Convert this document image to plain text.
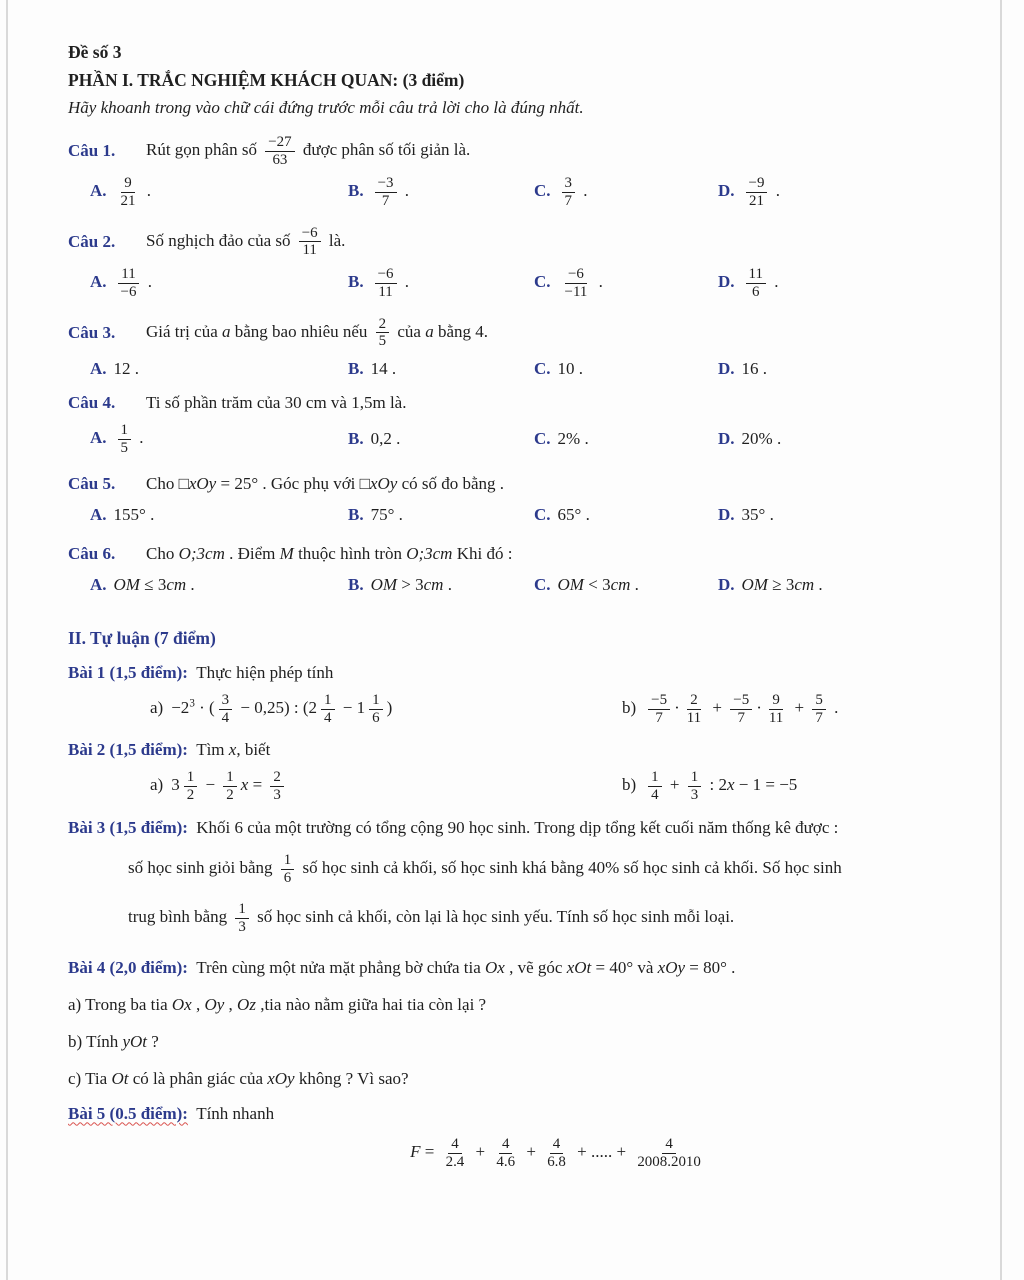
Đề số 3
PHẦN I. TRẮC NGHIỆM KHÁCH QUAN: (3 điểm)
Hãy khoanh trong vào chữ cái đứng trước mỗi câu trả lời cho là đúng nhất.
Câu 1.	Rút gọn phân số $\frac{-27}{63}$ được phân số tối giản là.
A. $\frac{9}{21}$ .	B. $\frac{-3}{7}$ .	C. $\frac{3}{7}$ .	D. $\frac{-9}{21}$ .
Câu 2.	Số nghịch đảo của số $\frac{-6}{11}$ là.
A. $\frac{11}{-6}$ .	B. $\frac{-6}{11}$ .	C. $\frac{-6}{-11}$ .	D. $\frac{11}{6}$ .
Câu 3.	Giá trị của a bằng bao nhiêu nếu $\frac{2}{5}$ của a bằng 4.
A. 12 .	B. 14 .	C. 10 .	D. 16 .
Câu 4.	Ti số phần trăm của 30 cm và 1,5m là.
A. $\frac{1}{5}$ .	B. 0,2 .	C. 2% .	D. 20% .
Câu 5.	Cho □xOy = 25° . Góc phụ với □xOy có số đo bằng .
A. 155° .	B. 75° .	C. 65° .	D. 35° .
Câu 6.	Cho O;3cm . Điểm M thuộc hình tròn O;3cm Khi đó :
A. OM ≤ 3cm .	B. OM > 3cm .	C. OM < 3cm .	D. OM ≥ 3cm .
II. Tự luận (7 điểm)
Bài 1 (1,5 điểm): Thực hiện phép tính
$a) -2^3$ · ( $\frac{3}{4} - 0,25$) : ($2 \frac{1}{4} - 1 \frac{1}{6}$ )	$b) \frac{-5}{7} \cdot \frac{2}{11} + \frac{-5}{7} \cdot \frac{9}{11} + \frac{5}{7}$ .
Bài 2 (1,5 điểm): Tìm x, biết
a) $3 \frac{1}{2} - \frac{1}{2}$ $x = \frac{2}{3}$	$b) \frac{1}{4} + \frac{1}{3}$ : 2x − 1 = −5
Bài 3 (1,5 điểm): Khối 6 của một trường có tổng cộng 90 học sinh. Trong dịp tổng kết cuối năm thống kê được :
số học sinh giỏi bằng $\frac{1}{6}$ số học sinh cả khối, số học sinh khá bằng 40% số học sinh cả khối. Số học sinh
trug bình bằng $\frac{1}{3}$ số học sinh cả khối, còn lại là học sinh yếu. Tính số học sinh mỗi loại.
Bài 4 (2,0 điểm): Trên cùng một nửa mặt phẳng bờ chứa tia Ox , vẽ góc xOt = 40° và xOy = 80° .
a) Trong ba tia Ox , Oy , Oz ,tia nào nằm giữa hai tia còn lại ?
b) Tính yOt ?
c) Tia Ot có là phân giác của xOy không ? Vì sao?
Bài 5 (0.5 điểm): Tính nhanh
$F = \frac{4}{2.4} + \frac{4}{4.6} + \frac{4}{6.8}$ + ..... + $\frac{4}{2008.2010}$
